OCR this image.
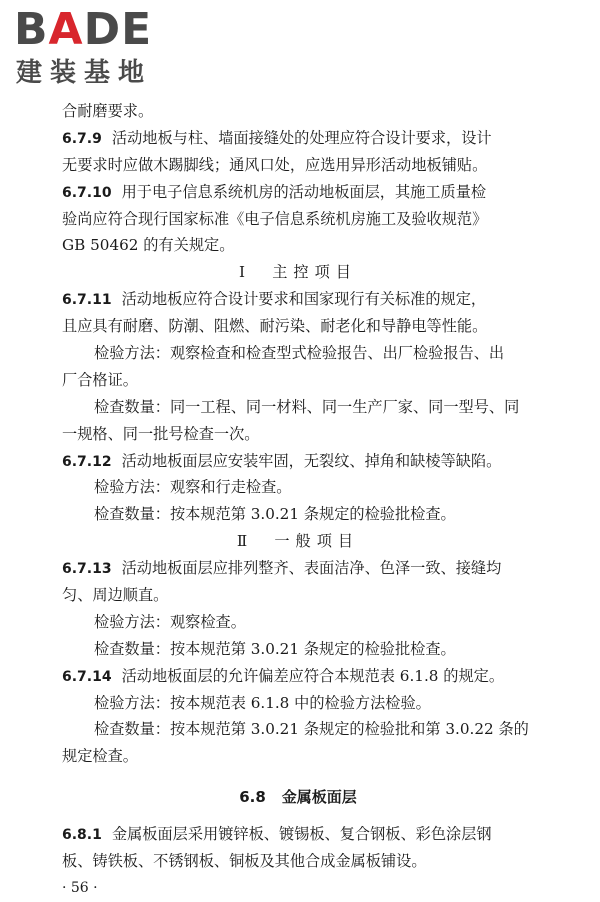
BADE
建装基地
合耐磨要求。
6.7.9 活动地板与柱、墙面接缝处的处理应符合设计要求，设计
无要求时应做木踢脚线；通风口处，应选用异形活动地板铺贴。
6.7.10 用于电子信息系统机房的活动地板面层，其施工质量检
验尚应符合现行国家标准《电子信息系统机房施工及验收规范》
GB 50462 的有关规定。
Ⅰ　主控项目
6.7.11 活动地板应符合设计要求和国家现行有关标准的规定，
且应具有耐磨、防潮、阻燃、耐污染、耐老化和导静电等性能。
检验方法：观察检查和检查型式检验报告、出厂检验报告、出
厂合格证。
检查数量：同一工程、同一材料、同一生产厂家、同一型号、同
一规格、同一批号检查一次。
6.7.12 活动地板面层应安装牢固，无裂纹、掉角和缺棱等缺陷。
检验方法：观察和行走检查。
检查数量：按本规范第 3.0.21 条规定的检验批检查。
Ⅱ　一般项目
6.7.13 活动地板面层应排列整齐、表面洁净、色泽一致、接缝均
匀、周边顺直。
检验方法：观察检查。
检查数量：按本规范第 3.0.21 条规定的检验批检查。
6.7.14 活动地板面层的允许偏差应符合本规范表 6.1.8 的规定。
检验方法：按本规范表 6.1.8 中的检验方法检验。
检查数量：按本规范第 3.0.21 条规定的检验批和第 3.0.22 条的
规定检查。
6.8 金属板面层
6.8.1 金属板面层采用镀锌板、镀锡板、复合钢板、彩色涂层钢
板、铸铁板、不锈钢板、铜板及其他合成金属板铺设。
· 56 ·
